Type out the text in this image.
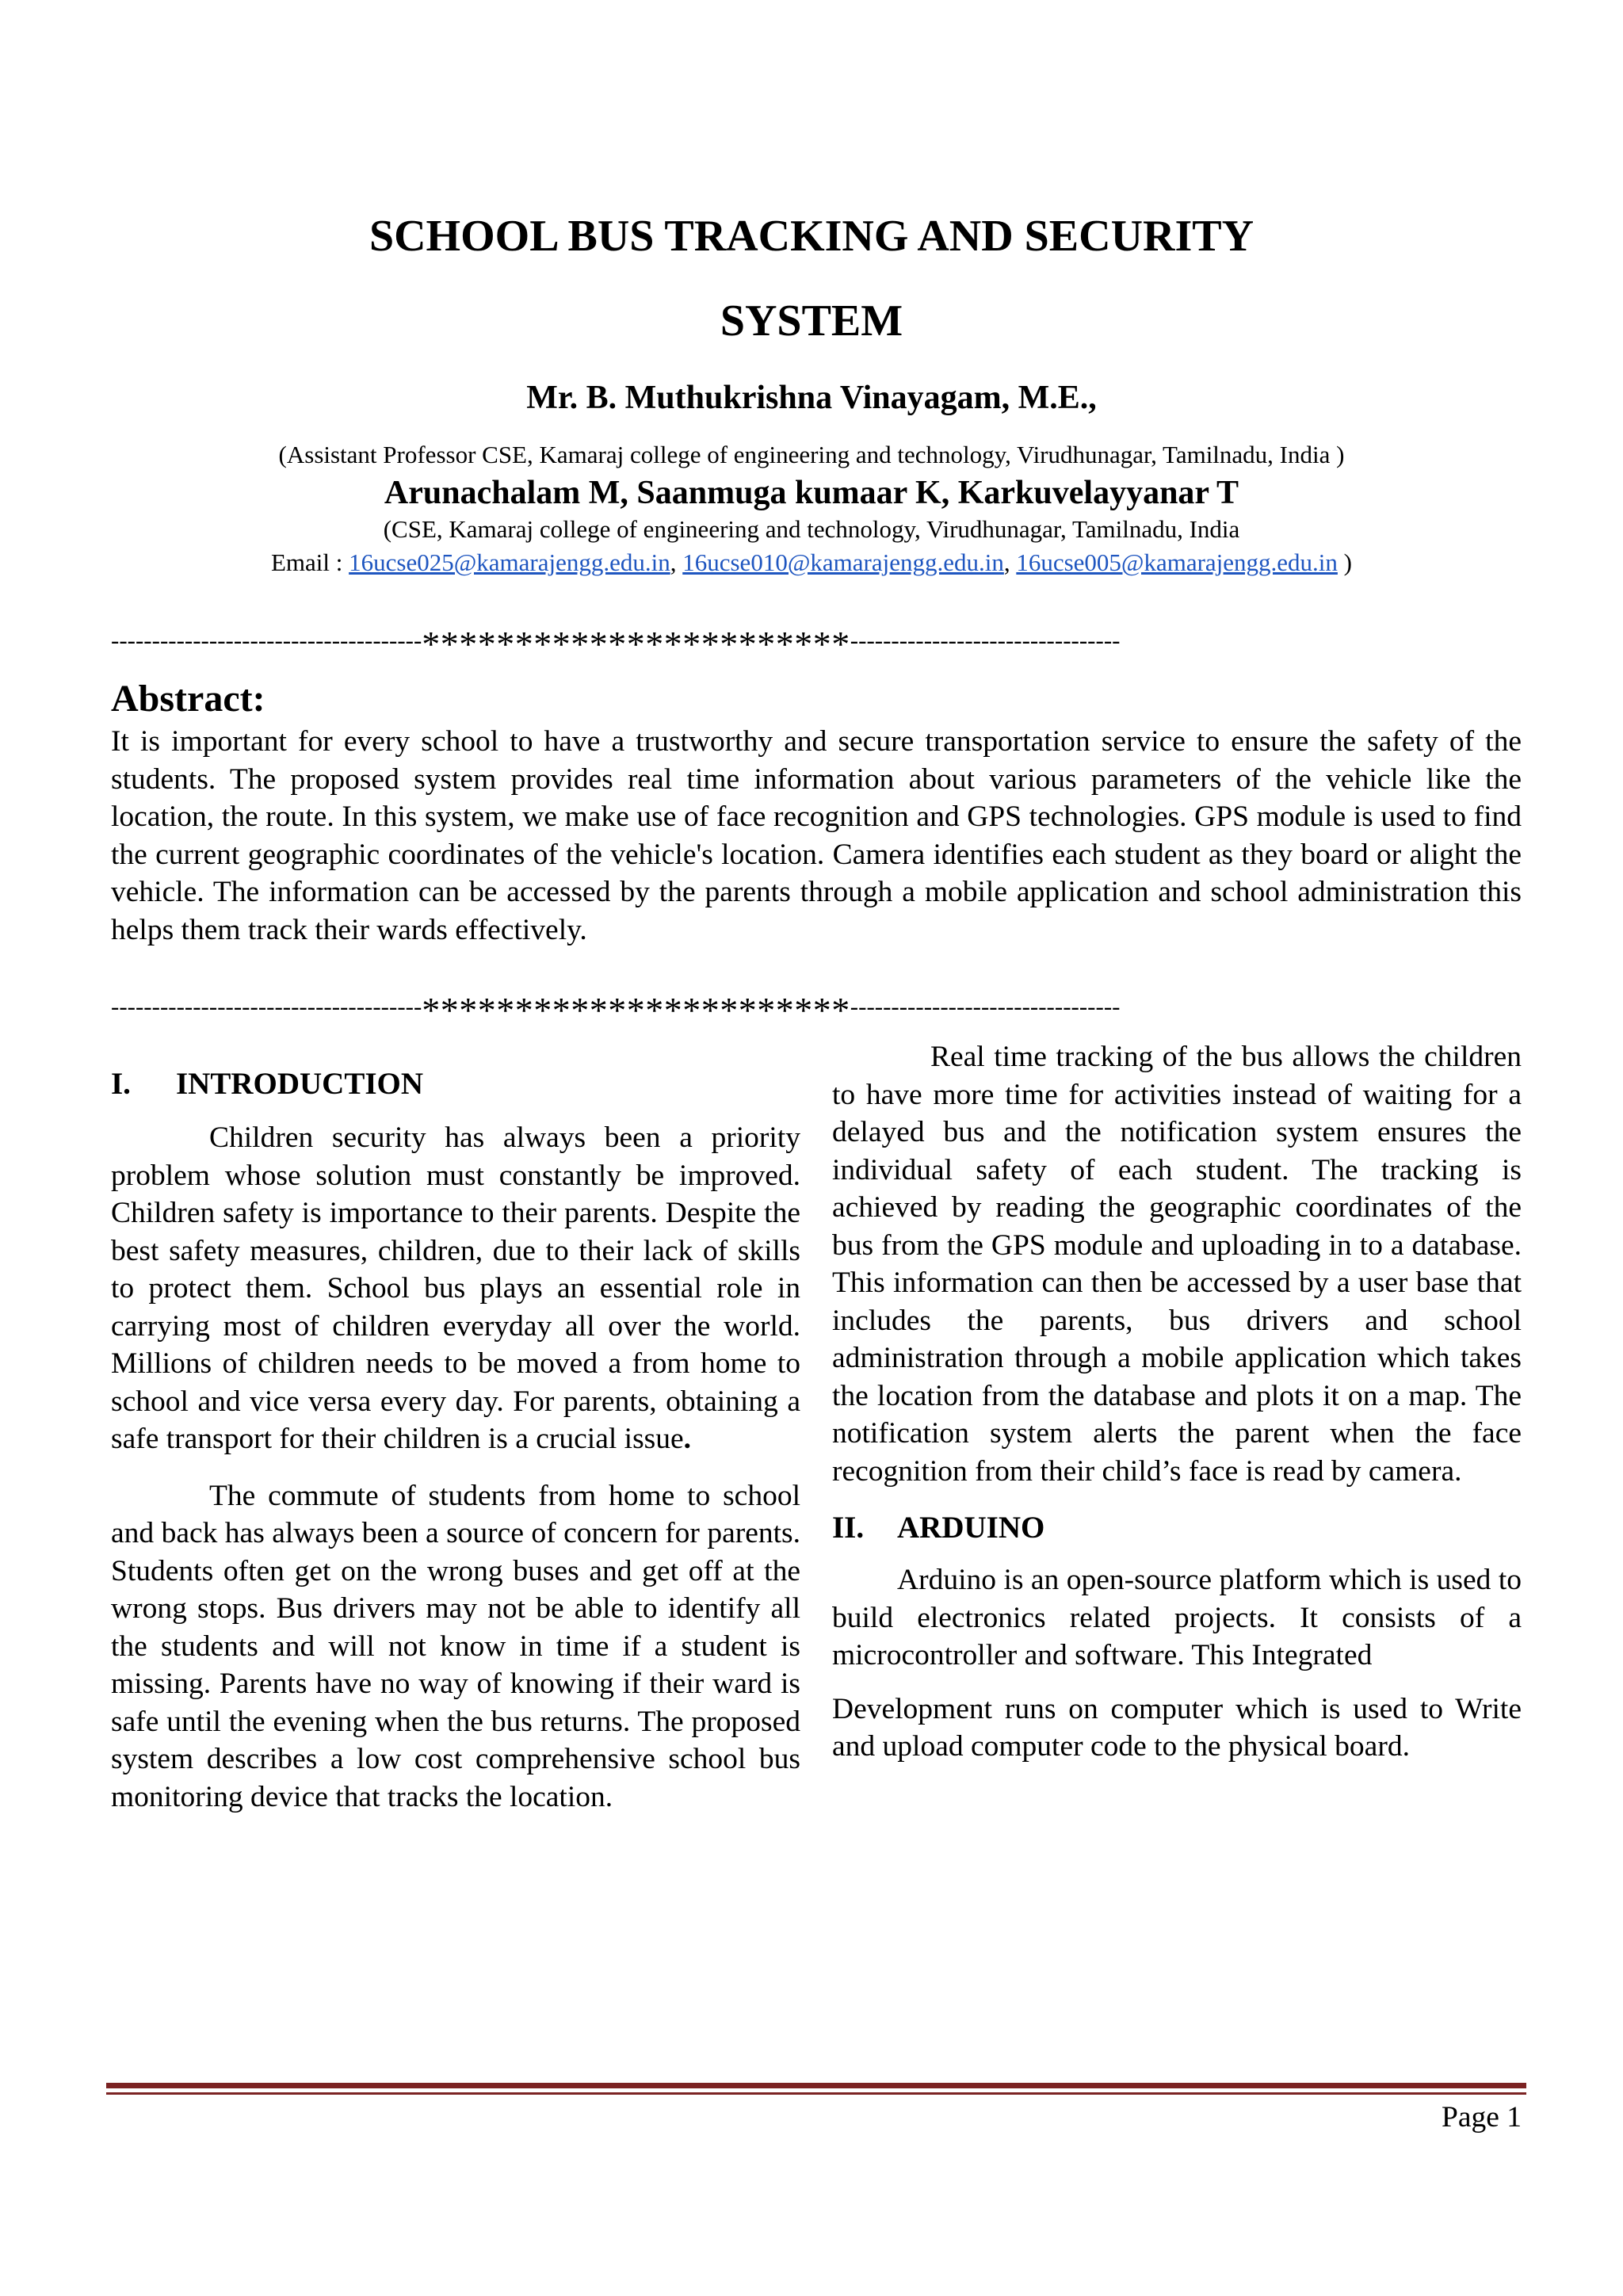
SCHOOL BUS TRACKING AND SECURITY
SYSTEM
Mr. B. Muthukrishna Vinayagam, M.E.,
(Assistant Professor CSE, Kamaraj college of engineering and technology, Virudhunagar, Tamilnadu, India )
Arunachalam M, Saanmuga kumaar K, Karkuvelayyanar T
(CSE, Kamaraj college of engineering and technology, Virudhunagar, Tamilnadu, India
Email : 16ucse025@kamarajengg.edu.in, 16ucse010@kamarajengg.edu.in, 16ucse005@kamarajengg.edu.in )
--------------------------------------***********************---------------------------------
Abstract:

It is important for every school to have a trustworthy and secure transportation service to ensure the safety of the students. The proposed system provides real time information about various parameters of the vehicle like the location, the route. In this system, we make use of face recognition and GPS technologies. GPS module is used to find the current geographic coordinates of the vehicle's location. Camera identifies each student as they board or alight the vehicle. The information can be accessed by the parents through a mobile application and school administration this helps them track their wards effectively.

--------------------------------------***********************---------------------------------
I.	INTRODUCTION

Children security has always been a priority problem whose solution must constantly be improved. Children safety is importance to their parents. Despite the best safety measures, children, due to their lack of skills to protect them. School bus plays an essential role in carrying most of children everyday all over the world. Millions of children needs to be moved a from home to school and vice versa every day. For parents, obtaining a safe transport for their children is a crucial issue.

The commute of students from home to school and back has always been a source of concern for parents. Students often get on the wrong buses and get off at the wrong stops. Bus drivers may not be able to identify all the students and will not know in time if a student is missing. Parents have no way of knowing if their ward is safe until the evening when the bus returns. The proposed system describes a low cost comprehensive school bus monitoring device that tracks the location.

Real time tracking of the bus allows the children to have more time for activities instead of waiting for a delayed bus and the notification system ensures the individual safety of each student. The tracking is achieved by reading the geographic coordinates of the bus from the GPS module and uploading in to a database. This information can then be accessed by a user base that includes the parents, bus drivers and school administration through a mobile application which takes the location from the database and plots it on a map. The notification system alerts the parent when the face recognition from their child’s face is read by camera.

II.	ARDUINO

Arduino is an open-source platform which is used to build electronics related projects. It consists of a microcontroller and software. This Integrated

Development runs on computer which is used to Write and upload computer code to the physical board.

Page 1
